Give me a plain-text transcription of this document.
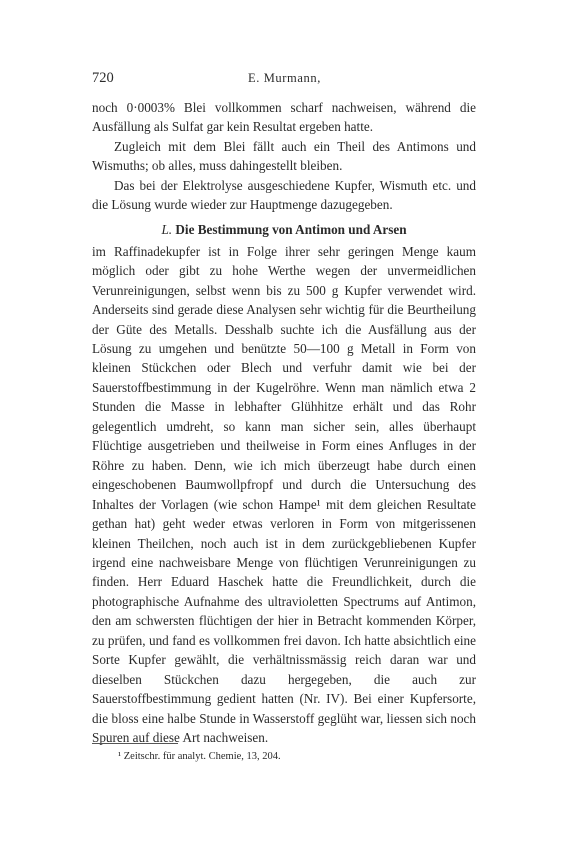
720	E. Murmann,

noch 0·0003% Blei vollkommen scharf nachweisen, während die Ausfällung als Sulfat gar kein Resultat ergeben hatte.

Zugleich mit dem Blei fällt auch ein Theil des Antimons und Wismuths; ob alles, muss dahingestellt bleiben.

Das bei der Elektrolyse ausgeschiedene Kupfer, Wismuth etc. und die Lösung wurde wieder zur Hauptmenge dazugegeben.

L. Die Bestimmung von Antimon und Arsen

im Raffinadekupfer ist in Folge ihrer sehr geringen Menge kaum möglich oder gibt zu hohe Werthe wegen der unvermeidlichen Verunreinigungen, selbst wenn bis zu 500 g Kupfer verwendet wird. Anderseits sind gerade diese Analysen sehr wichtig für die Beurtheilung der Güte des Metalls. Desshalb suchte ich die Ausfällung aus der Lösung zu umgehen und benützte 50—100 g Metall in Form von kleinen Stückchen oder Blech und verfuhr damit wie bei der Sauerstoffbestimmung in der Kugelröhre. Wenn man nämlich etwa 2 Stunden die Masse in lebhafter Glühhitze erhält und das Rohr gelegentlich umdreht, so kann man sicher sein, alles überhaupt Flüchtige ausgetrieben und theilweise in Form eines Anfluges in der Röhre zu haben. Denn, wie ich mich überzeugt habe durch einen eingeschobenen Baumwollpfropf und durch die Untersuchung des Inhaltes der Vorlagen (wie schon Hampe¹ mit dem gleichen Resultate gethan hat) geht weder etwas verloren in Form von mitgerissenen kleinen Theilchen, noch auch ist in dem zurückgebliebenen Kupfer irgend eine nachweisbare Menge von flüchtigen Verunreinigungen zu finden. Herr Eduard Haschek hatte die Freundlichkeit, durch die photographische Aufnahme des ultravioletten Spectrums auf Antimon, den am schwersten flüchtigen der hier in Betracht kommenden Körper, zu prüfen, und fand es vollkommen frei davon. Ich hatte absichtlich eine Sorte Kupfer gewählt, die verhältnissmässig reich daran war und dieselben Stückchen dazu hergegeben, die auch zur Sauerstoffbestimmung gedient hatten (Nr. IV). Bei einer Kupfersorte, die bloss eine halbe Stunde in Wasserstoff geglüht war, liessen sich noch Spuren auf diese Art nachweisen.

¹ Zeitschr. für analyt. Chemie, 13, 204.
